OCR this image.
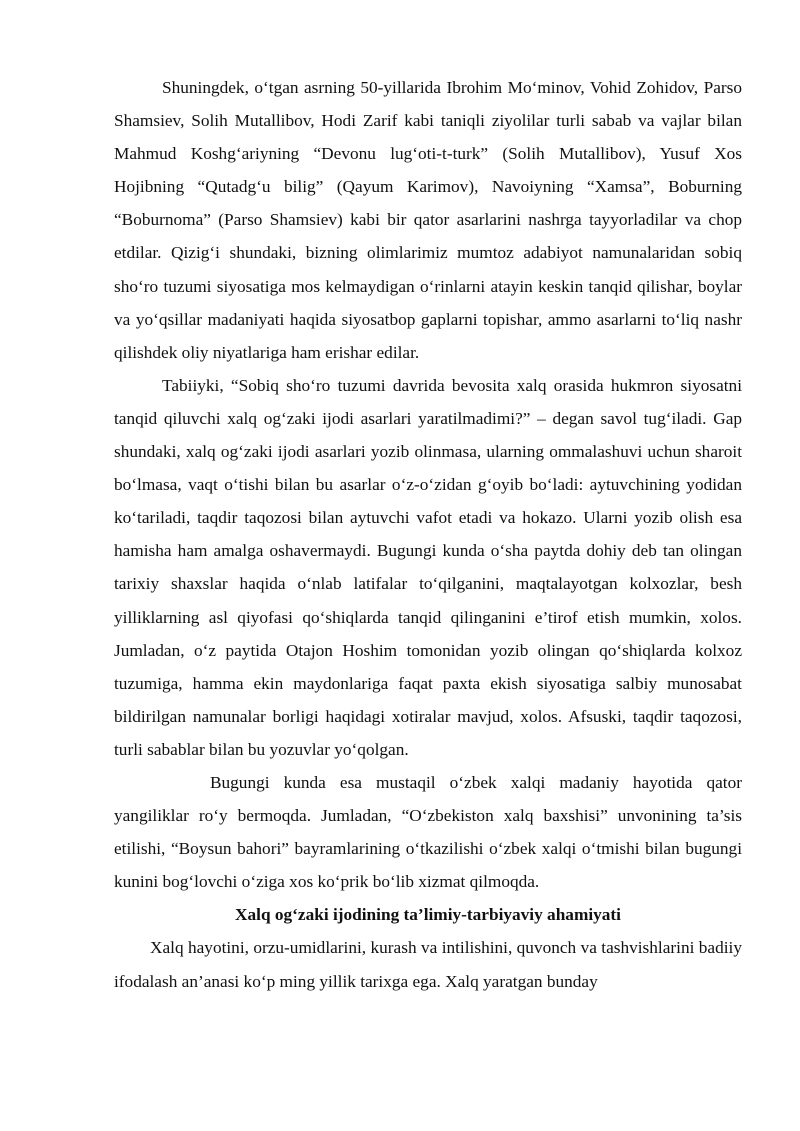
Shuningdek, o‘tgan asrning 50-yillarida Ibrohim Mo‘minov, Vohid Zohidov, Parso Shamsiev, Solih Mutallibov, Hodi Zarif kabi taniqli ziyolilar turli sabab va vajlar bilan Mahmud Koshg‘ariyning “Devonu lug‘oti-t-turk” (Solih Mutallibov), Yusuf Xos Hojibning “Qutadg‘u bilig” (Qayum Karimov), Navoiyning “Xamsa”, Boburning “Boburnoma” (Parso Shamsiev) kabi bir qator asarlarini nashrga tayyorladilar va chop etdilar. Qizig‘i shundaki, bizning olimlarimiz mumtoz adabiyot namunalaridan sobiq sho‘ro tuzumi siyosatiga mos kelmaydigan o‘rinlarni atayin keskin tanqid qilishar, boylar va yo‘qsillar madaniyati haqida siyosatbop gaplarni topishar, ammo asarlarni to‘liq nashr qilishdek oliy niyatlariga ham erishar edilar.

Tabiiyki, “Sobiq sho‘ro tuzumi davrida bevosita xalq orasida hukmron siyosatni tanqid qiluvchi xalq og‘zaki ijodi asarlari yaratilmadimi?” – degan savol tug‘iladi. Gap shundaki, xalq og‘zaki ijodi asarlari yozib olinmasa, ularning ommalashuvi uchun sharoit bo‘lmasa, vaqt o‘tishi bilan bu asarlar o‘z-o‘zidan g‘oyib bo‘ladi: aytuvchining yodidan ko‘tariladi, taqdir taqozosi bilan aytuvchi vafot etadi va hokazo. Ularni yozib olish esa hamisha ham amalga oshavermaydi. Bugungi kunda o‘sha paytda dohiy deb tan olingan tarixiy shaxslar haqida o‘nlab latifalar to‘qilganini, maqtalayotgan kolxozlar, besh yilliklarning asl qiyofasi qo‘shiqlarda tanqid qilinganini e’tirof etish mumkin, xolos. Jumladan, o‘z paytida Otajon Hoshim tomonidan yozib olingan qo‘shiqlarda kolxoz tuzumiga, hamma ekin maydonlariga faqat paxta ekish siyosatiga salbiy munosabat bildirilgan namunalar borligi haqidagi xotiralar mavjud, xolos. Afsuski, taqdir taqozosi, turli sabablar bilan bu yozuvlar yo‘qolgan.

Bugungi kunda esa mustaqil o‘zbek xalqi madaniy hayotida qator yangiliklar ro‘y bermoqda. Jumladan, “O‘zbekiston xalq baxshisi” unvonining ta’sis etilishi, “Boysun bahori” bayramlarining o‘tkazilishi o‘zbek xalqi o‘tmishi bilan bugungi kunini bog‘lovchi o‘ziga xos ko‘prik bo‘lib xizmat qilmoqda.

Xalq og‘zaki ijodining ta’limiy-tarbiyaviy ahamiyati

Xalq hayotini, orzu-umidlarini, kurash va intilishini, quvonch va tashvishlarini badiiy ifodalash an’anasi ko‘p ming yillik tarixga ega. Xalq yaratgan bunday
